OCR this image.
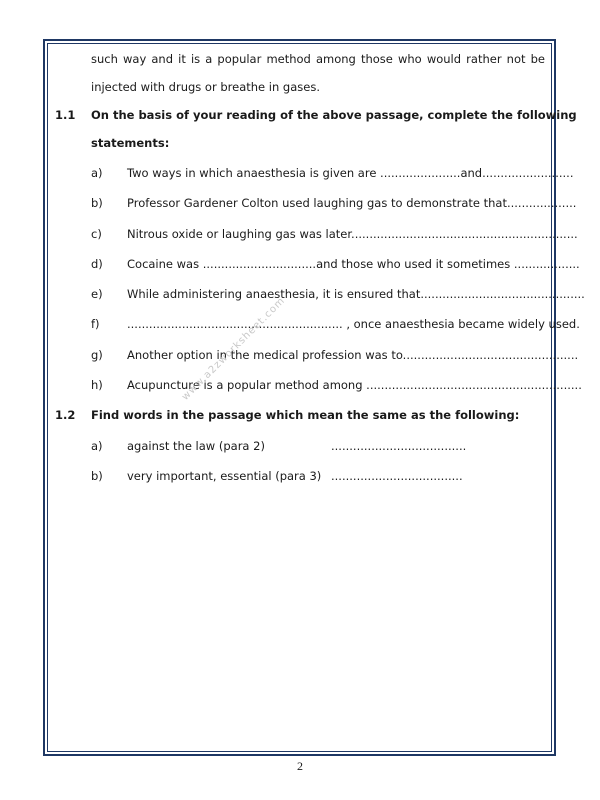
such way and it is a popular method among those who would rather not be
injected with drugs or breathe in gases.
1.1 On the basis of your reading of the above passage, complete the following
statements:
a) Two ways in which anaesthesia is given are ......................and.........................
b) Professor Gardener Colton used laughing gas to demonstrate that...................
c) Nitrous oxide or laughing gas was later..............................................................
d) Cocaine was ...............................and those who used it sometimes ..................
e) While administering anaesthesia, it is ensured that.............................................
f) ........................................................... , once anaesthesia became widely used.
g) Another option in the medical profession was to................................................
h) Acupuncture is a popular method among ...........................................................
1.2 Find words in the passage which mean the same as the following:
a) against the law (para 2)	.....................................
b) very important, essential (para 3) ....................................
www.a2zworksheet.com
2
